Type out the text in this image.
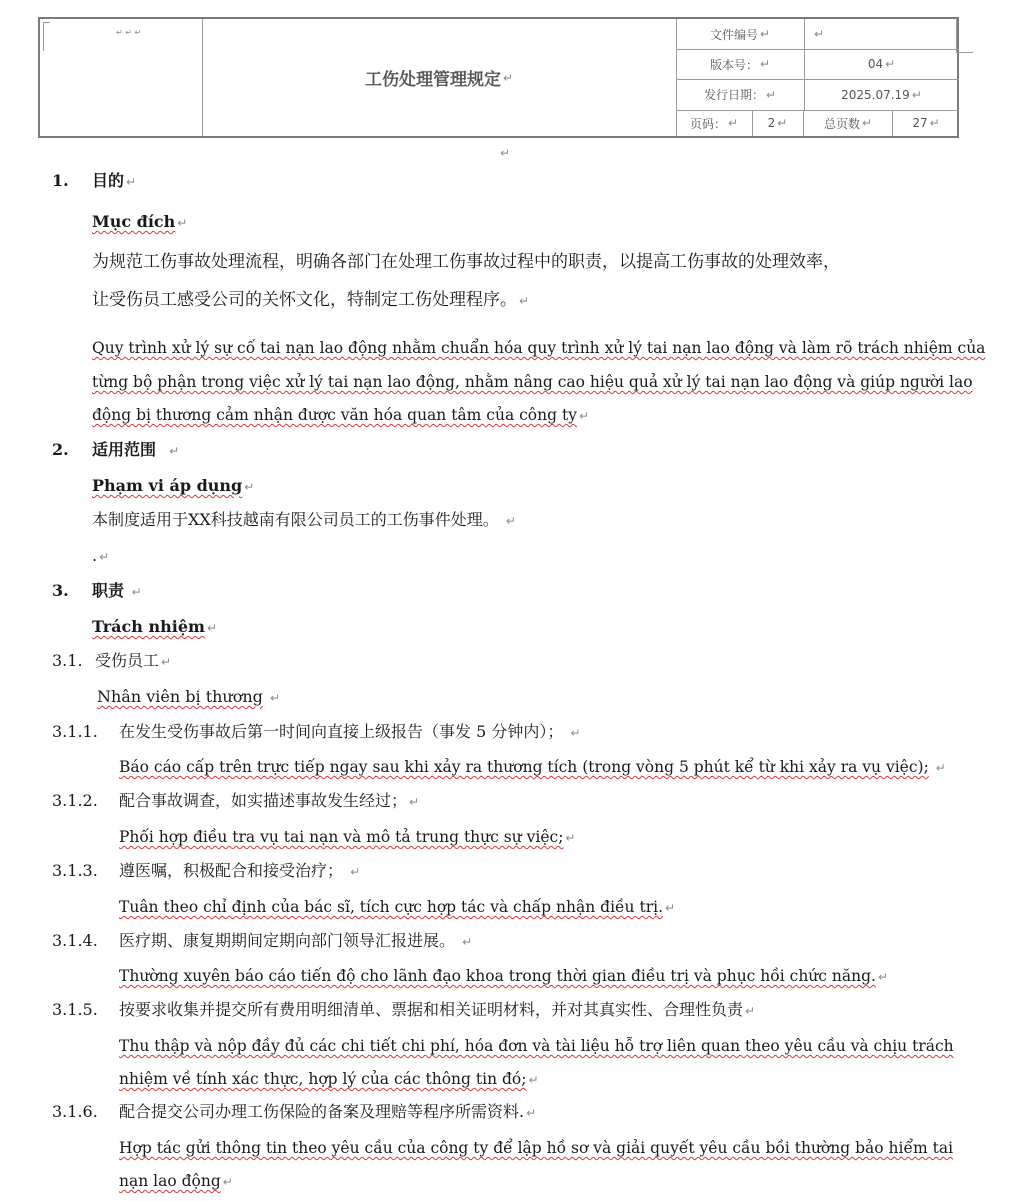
↵ ↵ ↵
工伤处理管理规定 ↵
文件编号 ↵	↵
版本号： ↵	04 ↵
发行日期： ↵	2025.07.19 ↵
页码： ↵ 2 ↵	总页数 ↵	27 ↵
↵
1. 目的 ↵
Mục đích ↵
为规范工伤事故处理流程，明确各部门在处理工伤事故过程中的职责，以提高工伤事故的处理效率，
让受伤员工感受公司的关怀文化，特制定工伤处理程序。 ↵
Quy trình xử lý sự cố tai nạn lao động nhằm chuẩn hóa quy trình xử lý tai nạn lao động và làm rõ trách nhiệm của
từng bộ phận trong việc xử lý tai nạn lao động, nhằm nâng cao hiệu quả xử lý tai nạn lao động và giúp người lao
động bị thương cảm nhận được văn hóa quan tâm của công ty ↵
2. 适用范围 ↵
Phạm vi áp dụng ↵
本制度适用于XX科技越南有限公司员工的工伤事件处理。 ↵
. ↵
3. 职责 ↵
Trách nhiệm ↵
3.1. 受伤员工 ↵
Nhân viên bị thương ↵
3.1.1. 在发生受伤事故后第一时间向直接上级报告（事发 5 分钟内）； ↵
Báo cáo cấp trên trực tiếp ngay sau khi xảy ra thương tích (trong vòng 5 phút kể từ khi xảy ra vụ việc); ↵
3.1.2. 配合事故调查，如实描述事故发生经过； ↵
Phối hợp điều tra vụ tai nạn và mô tả trung thực sự việc; ↵
3.1.3. 遵医嘱，积极配合和接受治疗； ↵
Tuân theo chỉ định của bác sĩ, tích cực hợp tác và chấp nhận điều trị. ↵
3.1.4. 医疗期、康复期期间定期向部门领导汇报进展。 ↵
Thường xuyên báo cáo tiến độ cho lãnh đạo khoa trong thời gian điều trị và phục hồi chức năng. ↵
3.1.5. 按要求收集并提交所有费用明细清单、票据和相关证明材料，并对其真实性、合理性负责 ↵
Thu thập và nộp đầy đủ các chi tiết chi phí, hóa đơn và tài liệu hỗ trợ liên quan theo yêu cầu và chịu trách
nhiệm về tính xác thực, hợp lý của các thông tin đó; ↵
3.1.6. 配合提交公司办理工伤保险的备案及理赔等程序所需资料. ↵
Hợp tác gửi thông tin theo yêu cầu của công ty để lập hồ sơ và giải quyết yêu cầu bồi thường bảo hiểm tai
nạn lao động ↵
